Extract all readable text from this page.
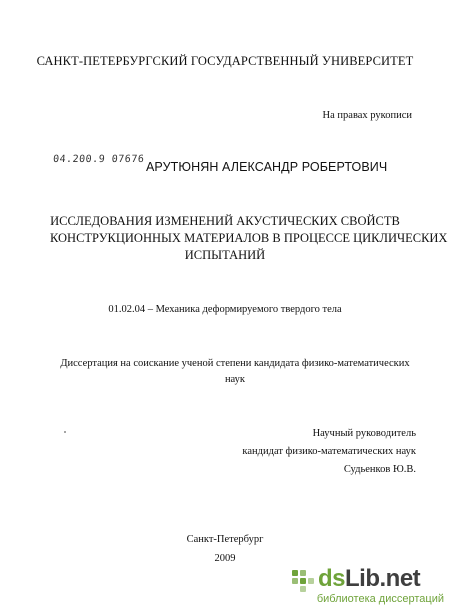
САНКТ-ПЕТЕРБУРГСКИЙ ГОСУДАРСТВЕННЫЙ УНИВЕРСИТЕТ
На правах рукописи
04.200.9 07676
АРУТЮНЯН АЛЕКСАНДР РОБЕРТОВИЧ
ИССЛЕДОВАНИЯ ИЗМЕНЕНИЙ АКУСТИЧЕСКИХ СВОЙСТВ
КОНСТРУКЦИОННЫХ МАТЕРИАЛОВ В ПРОЦЕССЕ ЦИКЛИЧЕСКИХ
ИСПЫТАНИЙ
01.02.04 – Механика деформируемого твердого тела
Диссертация на соискание ученой степени кандидата физико-математических
наук
Научный руководитель
кандидат физико-математических наук
Судьенков Ю.В.
Санкт-Петербург
2009
dsLib.net
библиотека диссертаций
